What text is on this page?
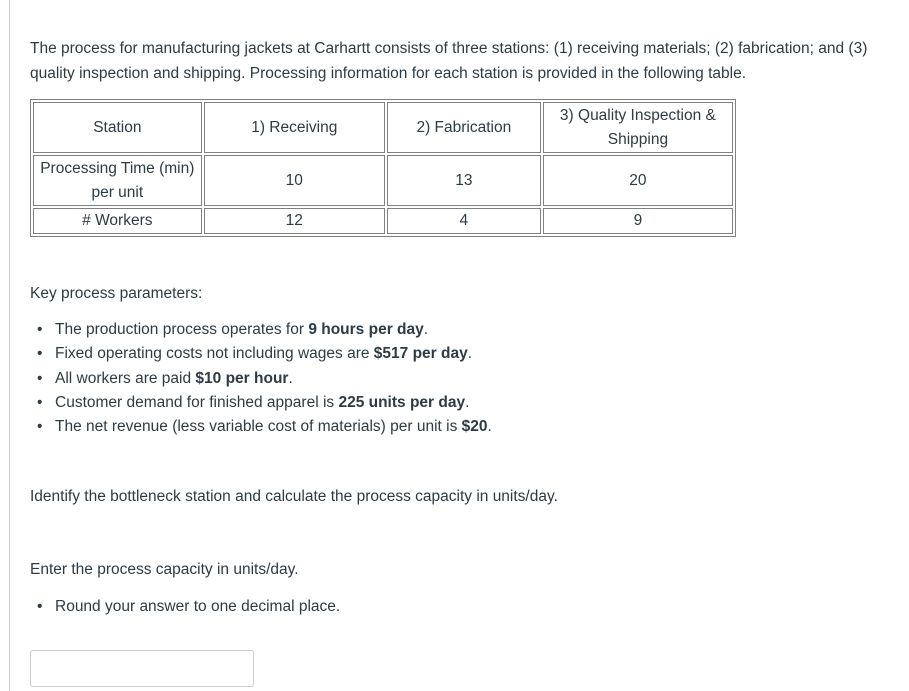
The process for manufacturing jackets at Carhartt consists of three stations: (1) receiving materials; (2) fabrication; and (3) quality inspection and shipping. Processing information for each station is provided in the following table.

Station	1) Receiving	2) Fabrication	3) Quality Inspection &
Shipping

Processing Time (min)
per unit	10	13	20
# Workers	12	4	9

Key process parameters:

• The production process operates for 9 hours per day.
• Fixed operating costs not including wages are $517 per day.
• All workers are paid $10 per hour.
• Customer demand for finished apparel is 225 units per day.
• The net revenue (less variable cost of materials) per unit is $20.

Identify the bottleneck station and calculate the process capacity in units/day.

Enter the process capacity in units/day.

• Round your answer to one decimal place.
